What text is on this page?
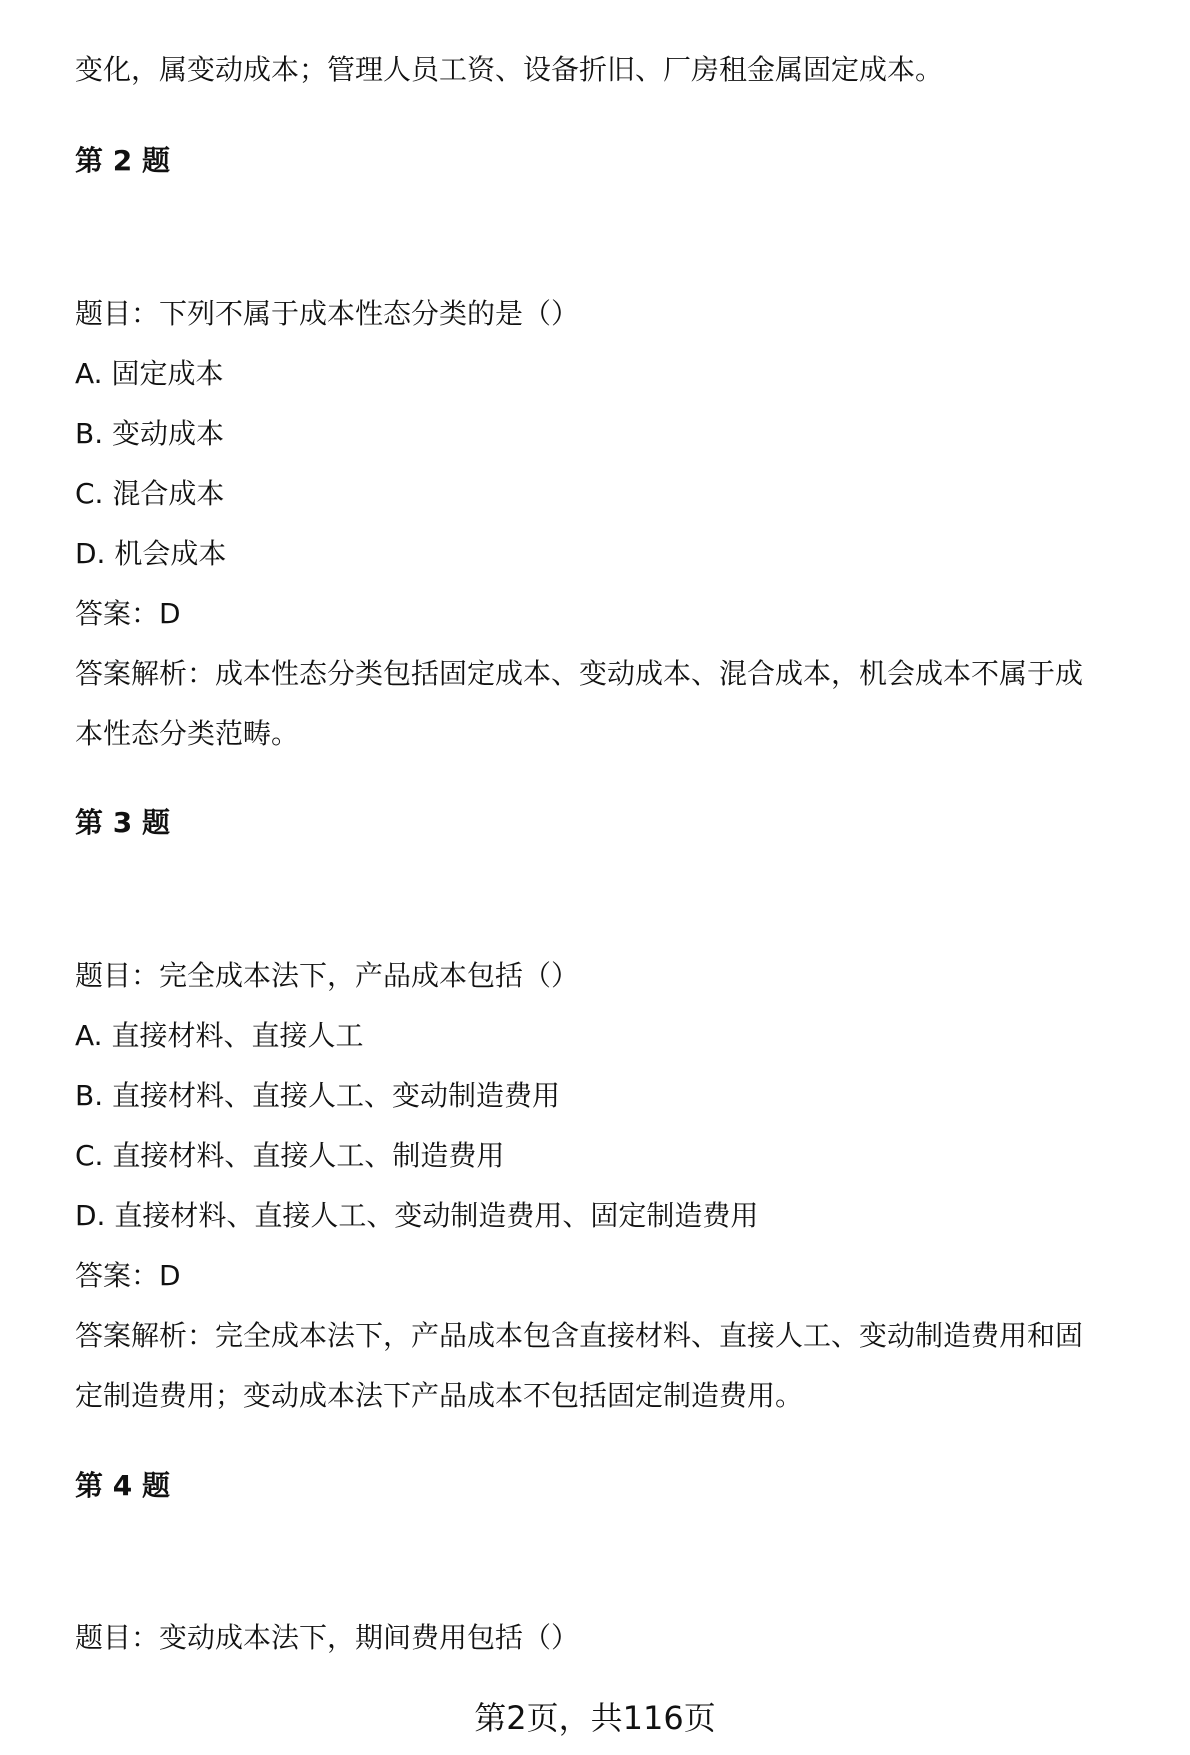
变化，属变动成本；管理人员工资、设备折旧、厂房租金属固定成本。
第 2 题
题目：下列不属于成本性态分类的是（）
A. 固定成本
B. 变动成本
C. 混合成本
D. 机会成本
答案：D
答案解析：成本性态分类包括固定成本、变动成本、混合成本，机会成本不属于成
本性态分类范畴。
第 3 题
题目：完全成本法下，产品成本包括（）
A. 直接材料、直接人工
B. 直接材料、直接人工、变动制造费用
C. 直接材料、直接人工、制造费用
D. 直接材料、直接人工、变动制造费用、固定制造费用
答案：D
答案解析：完全成本法下，产品成本包含直接材料、直接人工、变动制造费用和固
定制造费用；变动成本法下产品成本不包括固定制造费用。
第 4 题
题目：变动成本法下，期间费用包括（）
第2页，共116页
